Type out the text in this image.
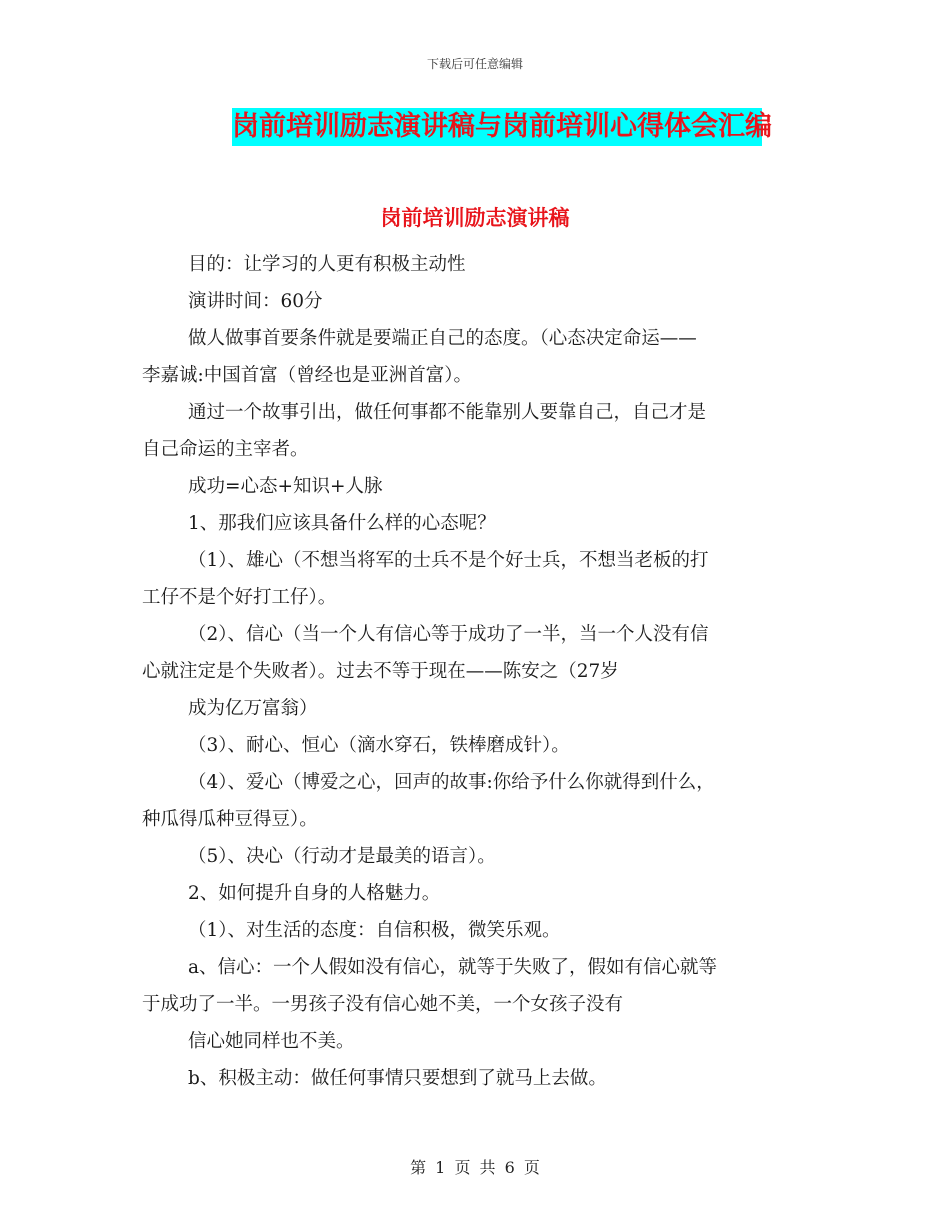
下载后可任意编辑
岗前培训励志演讲稿与岗前培训心得体会汇编
岗前培训励志演讲稿

目的：让学习的人更有积极主动性

演讲时间：60分

做人做事首要条件就是要端正自己的态度。（心态决定命运——

李嘉诚:中国首富（曾经也是亚洲首富）。

通过一个故事引出，做任何事都不能靠别人要靠自己，自己才是

自己命运的主宰者。

成功=心态+知识+人脉

1、那我们应该具备什么样的心态呢？

（1）、雄心（不想当将军的士兵不是个好士兵，不想当老板的打

工仔不是个好打工仔）。

（2）、信心（当一个人有信心等于成功了一半，当一个人没有信

心就注定是个失败者）。过去不等于现在——陈安之（27岁

成为亿万富翁）

（3）、耐心、恒心（滴水穿石，铁棒磨成针）。

（4）、爱心（博爱之心，回声的故事:你给予什么你就得到什么，

种瓜得瓜种豆得豆）。

（5）、决心（行动才是最美的语言）。

2、如何提升自身的人格魅力。

（1）、对生活的态度：自信积极，微笑乐观。

a、信心：一个人假如没有信心，就等于失败了，假如有信心就等

于成功了一半。一男孩子没有信心她不美，一个女孩子没有

信心她同样也不美。

b、积极主动：做任何事情只要想到了就马上去做。

第 1 页 共 6 页
